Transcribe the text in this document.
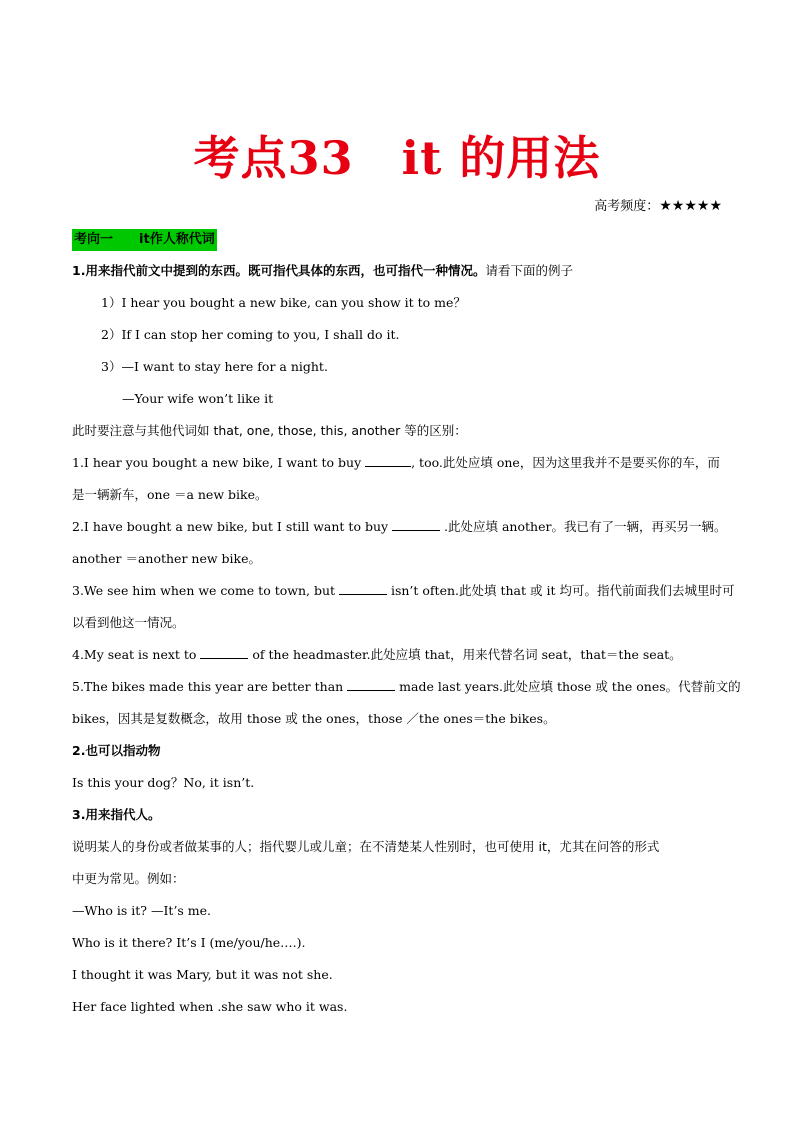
考点33 it 的用法
高考频度：★★★★★
考向一 it作人称代词
1.用来指代前文中提到的东西。既可指代具体的东西，也可指代一种情况。请看下面的例子
1）I hear you bought a new bike, can you show it to me？
2）If I can stop her coming to you, I shall do it.
3）—I want to stay here for a night.
—Your wife won’t like it
此时要注意与其他代词如 that, one, those, this, another 等的区别：
1.I hear you bought a new bike, I want to buy	, too.此处应填 one，因为这里我并不是要买你的车，而
是一辆新车，one ＝a new bike。
2.I have bought a new bike, but I still want to buy	.此处应填 another。我已有了一辆，再买另一辆。
another ＝another new bike。
3.We see him when we come to town, but	isn’t often.此处填 that 或 it 均可。指代前面我们去城里时可
以看到他这一情况。
4.My seat is next to	of the headmaster.此处应填 that，用来代替名词 seat，that＝the seat。
5.The bikes made this year are better than	made last years.此处应填 those 或 the ones。代替前文的
bikes，因其是复数概念，故用 those 或 the ones，those ／the ones＝the bikes。
2.也可以指动物
Is this your dog？No, it isn’t.
3.用来指代人。
说明某人的身份或者做某事的人；指代婴儿或儿童；在不清楚某人性别时，也可使用 it，尤其在问答的形式
中更为常见。例如：
—Who is it? —It’s me.
Who is it there? It’s I (me/you/he….).
I thought it was Mary, but it was not she.
Her face lighted when .she saw who it was.
